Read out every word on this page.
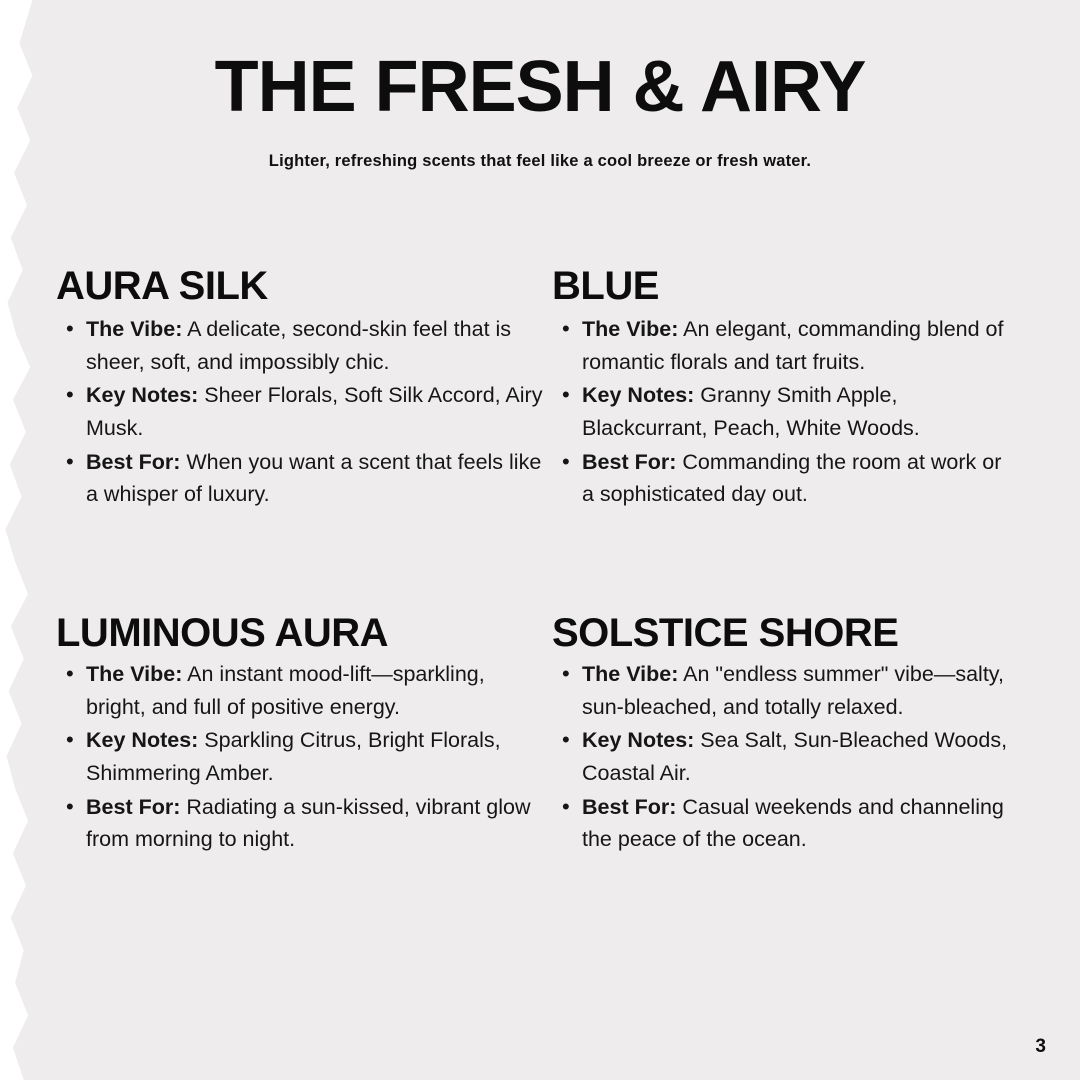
THE FRESH & AIRY
Lighter, refreshing scents that feel like a cool breeze or fresh water.
AURA SILK
• The Vibe: A delicate, second-skin feel that is sheer, soft, and impossibly chic.
• Key Notes: Sheer Florals, Soft Silk Accord, Airy Musk.
• Best For: When you want a scent that feels like a whisper of luxury.
BLUE
• The Vibe: An elegant, commanding blend of romantic florals and tart fruits.
• Key Notes: Granny Smith Apple, Blackcurrant, Peach, White Woods.
• Best For: Commanding the room at work or a sophisticated day out.
LUMINOUS AURA
• The Vibe: An instant mood-lift—sparkling, bright, and full of positive energy.
• Key Notes: Sparkling Citrus, Bright Florals, Shimmering Amber.
• Best For: Radiating a sun-kissed, vibrant glow from morning to night.
SOLSTICE SHORE
• The Vibe: An "endless summer" vibe—salty, sun-bleached, and totally relaxed.
• Key Notes: Sea Salt, Sun-Bleached Woods, Coastal Air.
• Best For: Casual weekends and channeling the peace of the ocean.
3
